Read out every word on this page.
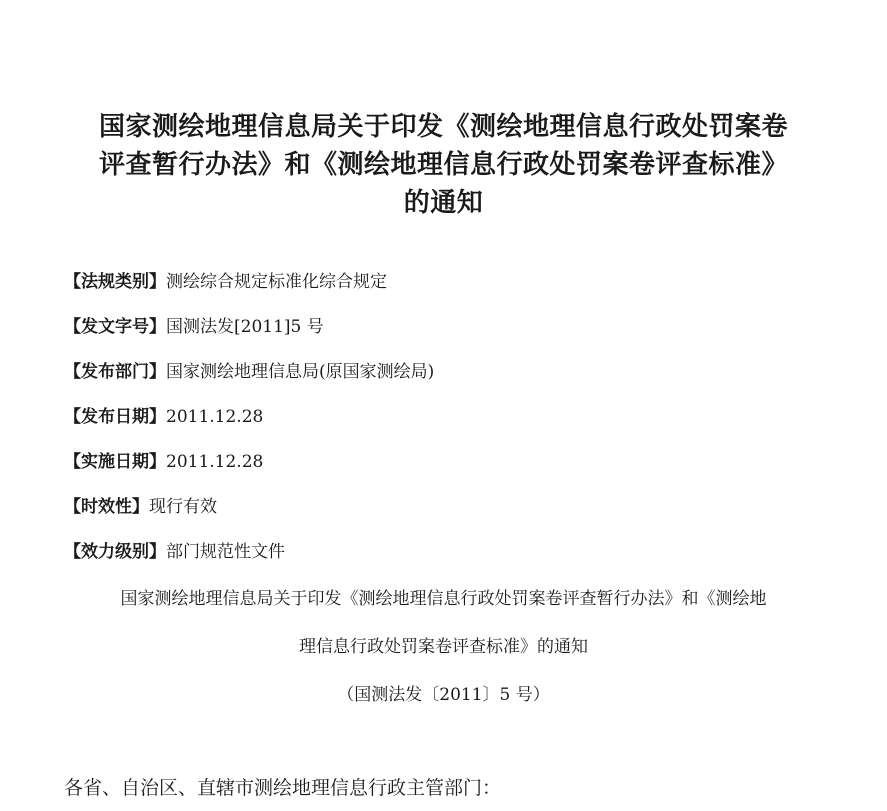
国家测绘地理信息局关于印发《测绘地理信息行政处罚案卷
评查暂行办法》和《测绘地理信息行政处罚案卷评查标准》
的通知
【法规类别】测绘综合规定标准化综合规定
【发文字号】国测法发[2011]5 号
【发布部门】国家测绘地理信息局(原国家测绘局)
【发布日期】2011.12.28
【实施日期】2011.12.28
【时效性】现行有效
【效力级别】部门规范性文件
国家测绘地理信息局关于印发《测绘地理信息行政处罚案卷评查暂行办法》和《测绘地
理信息行政处罚案卷评查标准》的通知
（国测法发〔2011〕5 号）
各省、自治区、直辖市测绘地理信息行政主管部门：
